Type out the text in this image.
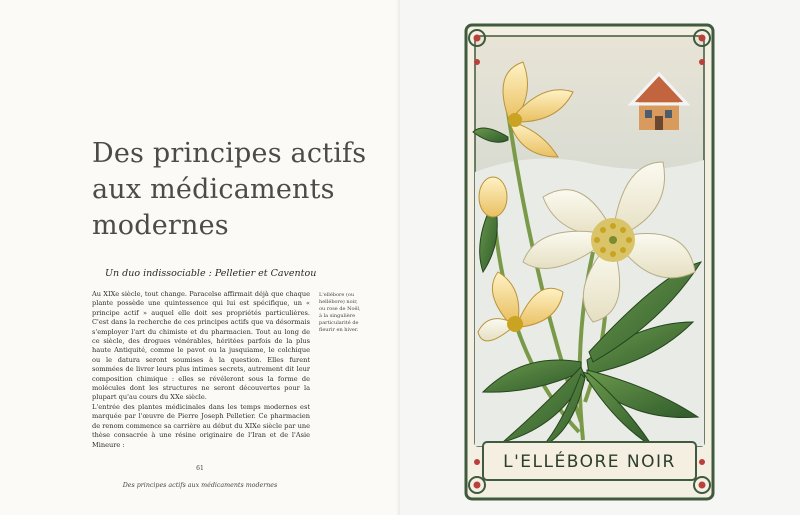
Des principes actifs
aux médicaments
modernes
Un duo indissociable : Pelletier et Caventou

Au XIXe siècle, tout change. Paracelse affirmait déjà que chaque plante possède une quintessence qui lui est spécifique, un « principe actif » auquel elle doit ses propriétés particulières. C'est dans la recherche de ces principes actifs que va désormais s'employer l'art du chimiste et du pharmacien. Tout au long de ce siècle, des drogues vénérables, héritées parfois de la plus haute Antiquité, comme le pavot ou la jusquiame, le colchique ou le datura seront soumises à la question. Elles furent sommées de livrer leurs plus intimes secrets, autrement dit leur composition chimique : elles se révéleront sous la forme de molécules dont les structures ne seront découvertes pour la plupart qu'au cours du XXe siècle.

L'entrée des plantes médicinales dans les temps modernes est marquée par l'œuvre de Pierre Joseph Pelletier. Ce pharmacien de renom commence sa carrière au début du XIXe siècle par une thèse consacrée à une résine originaire de l'Iran et de l'Asie Mineure :

L'ellébore (ou hellébore) noir, ou rose de Noël, à la singulière particularité de fleurir en hiver.
61
Des principes actifs aux médicaments modernes
L'ELLÉBORE NOIR
